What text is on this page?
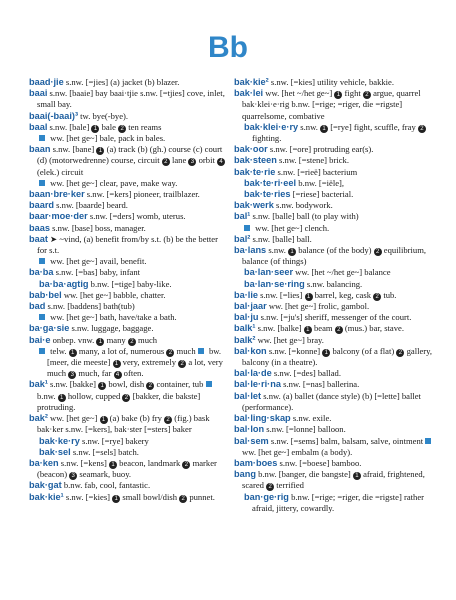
Bb

baad·jie s.nw. [=jies] (a) jacket (b) blazer.

baai s.nw. [baaie] bay baai·tjie s.nw. [=tjies] cove, inlet, small bay.

baai(-baai)³ tw. bye(-bye).

baal s.nw. [bale] 1 bale 2 ten reams

ww. [het ge~] bale, pack in bales.

baan s.nw. [bane] 1 (a) track (b) (gh.) course (c) court (d) (motorwedrenne) course, circuit 2 lane 3 orbit 4 (elek.) circuit

ww. [het ge~] clear, pave, make way.

baan·bre·ker s.nw. [=kers] pioneer, trailblazer.

baard s.nw. [baarde] beard.

baar·moe·der s.nw. [=ders] womb, uterus.

baas s.nw. [base] boss, manager.

baat ➤ ~vind, (a) benefit from/by s.t. (b) be the better for s.t.

ww. [het ge~] avail, benefit.

ba·ba s.nw. [=bas] baby, infant

ba·ba·agtig b.nw. [=tige] baby-like.

bab·bel ww. [het ge~] babble, chatter.

bad s.nw. [baddens] bath(tub)

ww. [het ge~] bath, have/take a bath.

ba·ga·sie s.nw. luggage, baggage.

bai·e onbep. vnw. 1 many 2 much

telw. 1 many, a lot of, numerous 2 much  bw. [meer, die meeste] 1 very, extremely 2 a lot, very much 3 much, far 4 often.

bak¹ s.nw. [bakke] 1 bowl, dish 2 container, tub  b.nw. 1 hollow, cupped 2 [bakker, die bakste] protruding.

bak² ww. [het ge~] 1 (a) bake (b) fry 2 (fig.) bask bak·ker s.nw. [=kers], bak·ster [=sters] baker

bak·ke·ry s.nw. [=rye] bakery

bak·sel s.nw. [=sels] batch.

ba·ken s.nw. [=kens] 1 beacon, landmark 2 marker (beacon) 3 seamark, buoy.

bak·gat b.nw. fab, cool, fantastic.

bak·kie¹ s.nw. [=kies] 1 small bowl/dish 2 punnet.

bak·kie² s.nw. [=kies] utility vehicle, bakkie.

bak·lei ww. [het ~/het ge~] 1 fight 2 argue, quarrel bak·klei·e·rig b.nw. [=rige; =riger, die =rigste] quarrelsome, combative

bak·klei·e·ry s.nw. 1 [=rye] fight, scuffle, fray 2 fighting.

bak·oor s.nw. [=ore] protruding ear(s).

bak·steen s.nw. [=stene] brick.

bak·te·rie s.nw. [=rieë] bacterium

bak·te·ri·eel b.nw. [=iële],

bak·te·ries [=riese] bacterial.

bak·werk s.nw. bodywork.

bal¹ s.nw. [balle] ball (to play with)

ww. [het ge~] clench.

bal² s.nw. [balle] ball.

ba·lans s.nw. 1 balance (of the body) 2 equilibrium, balance (of things)

ba·lan·seer ww. [het ~/het ge~] balance

ba·lan·se·ring s.nw. balancing.

ba·lie s.nw. [=lies] 1 barrel, keg, cask 2 tub.

bal·jaar ww. [het ge~] frolic, gambol.

bal·ju s.nw. [=ju's] sheriff, messenger of the court.

balk¹ s.nw. [balke] 1 beam 2 (mus.) bar, stave.

balk² ww. [het ge~] bray.

bal·kon s.nw. [=konne] 1 balcony (of a flat) 2 gallery, balcony (in a theatre).

bal·la·de s.nw. [=des] ballad.

bal·le·ri·na s.nw. [=nas] ballerina.

bal·let s.nw. (a) ballet (dance style) (b) [=lette] ballet (performance).

bal·ling·skap s.nw. exile.

bal·lon s.nw. [=lonne] balloon.

bal·sem s.nw. [=sems] balm, balsam, salve, ointment  ww. [het ge~] embalm (a body).

bam·boes s.nw. [=boese] bamboo.

bang b.nw. [banger, die bangste] 1 afraid, frightened, scared 2 terrified

ban·ge·rig b.nw. [=rige; =riger, die =rigste] rather afraid, jittery, cowardly.
